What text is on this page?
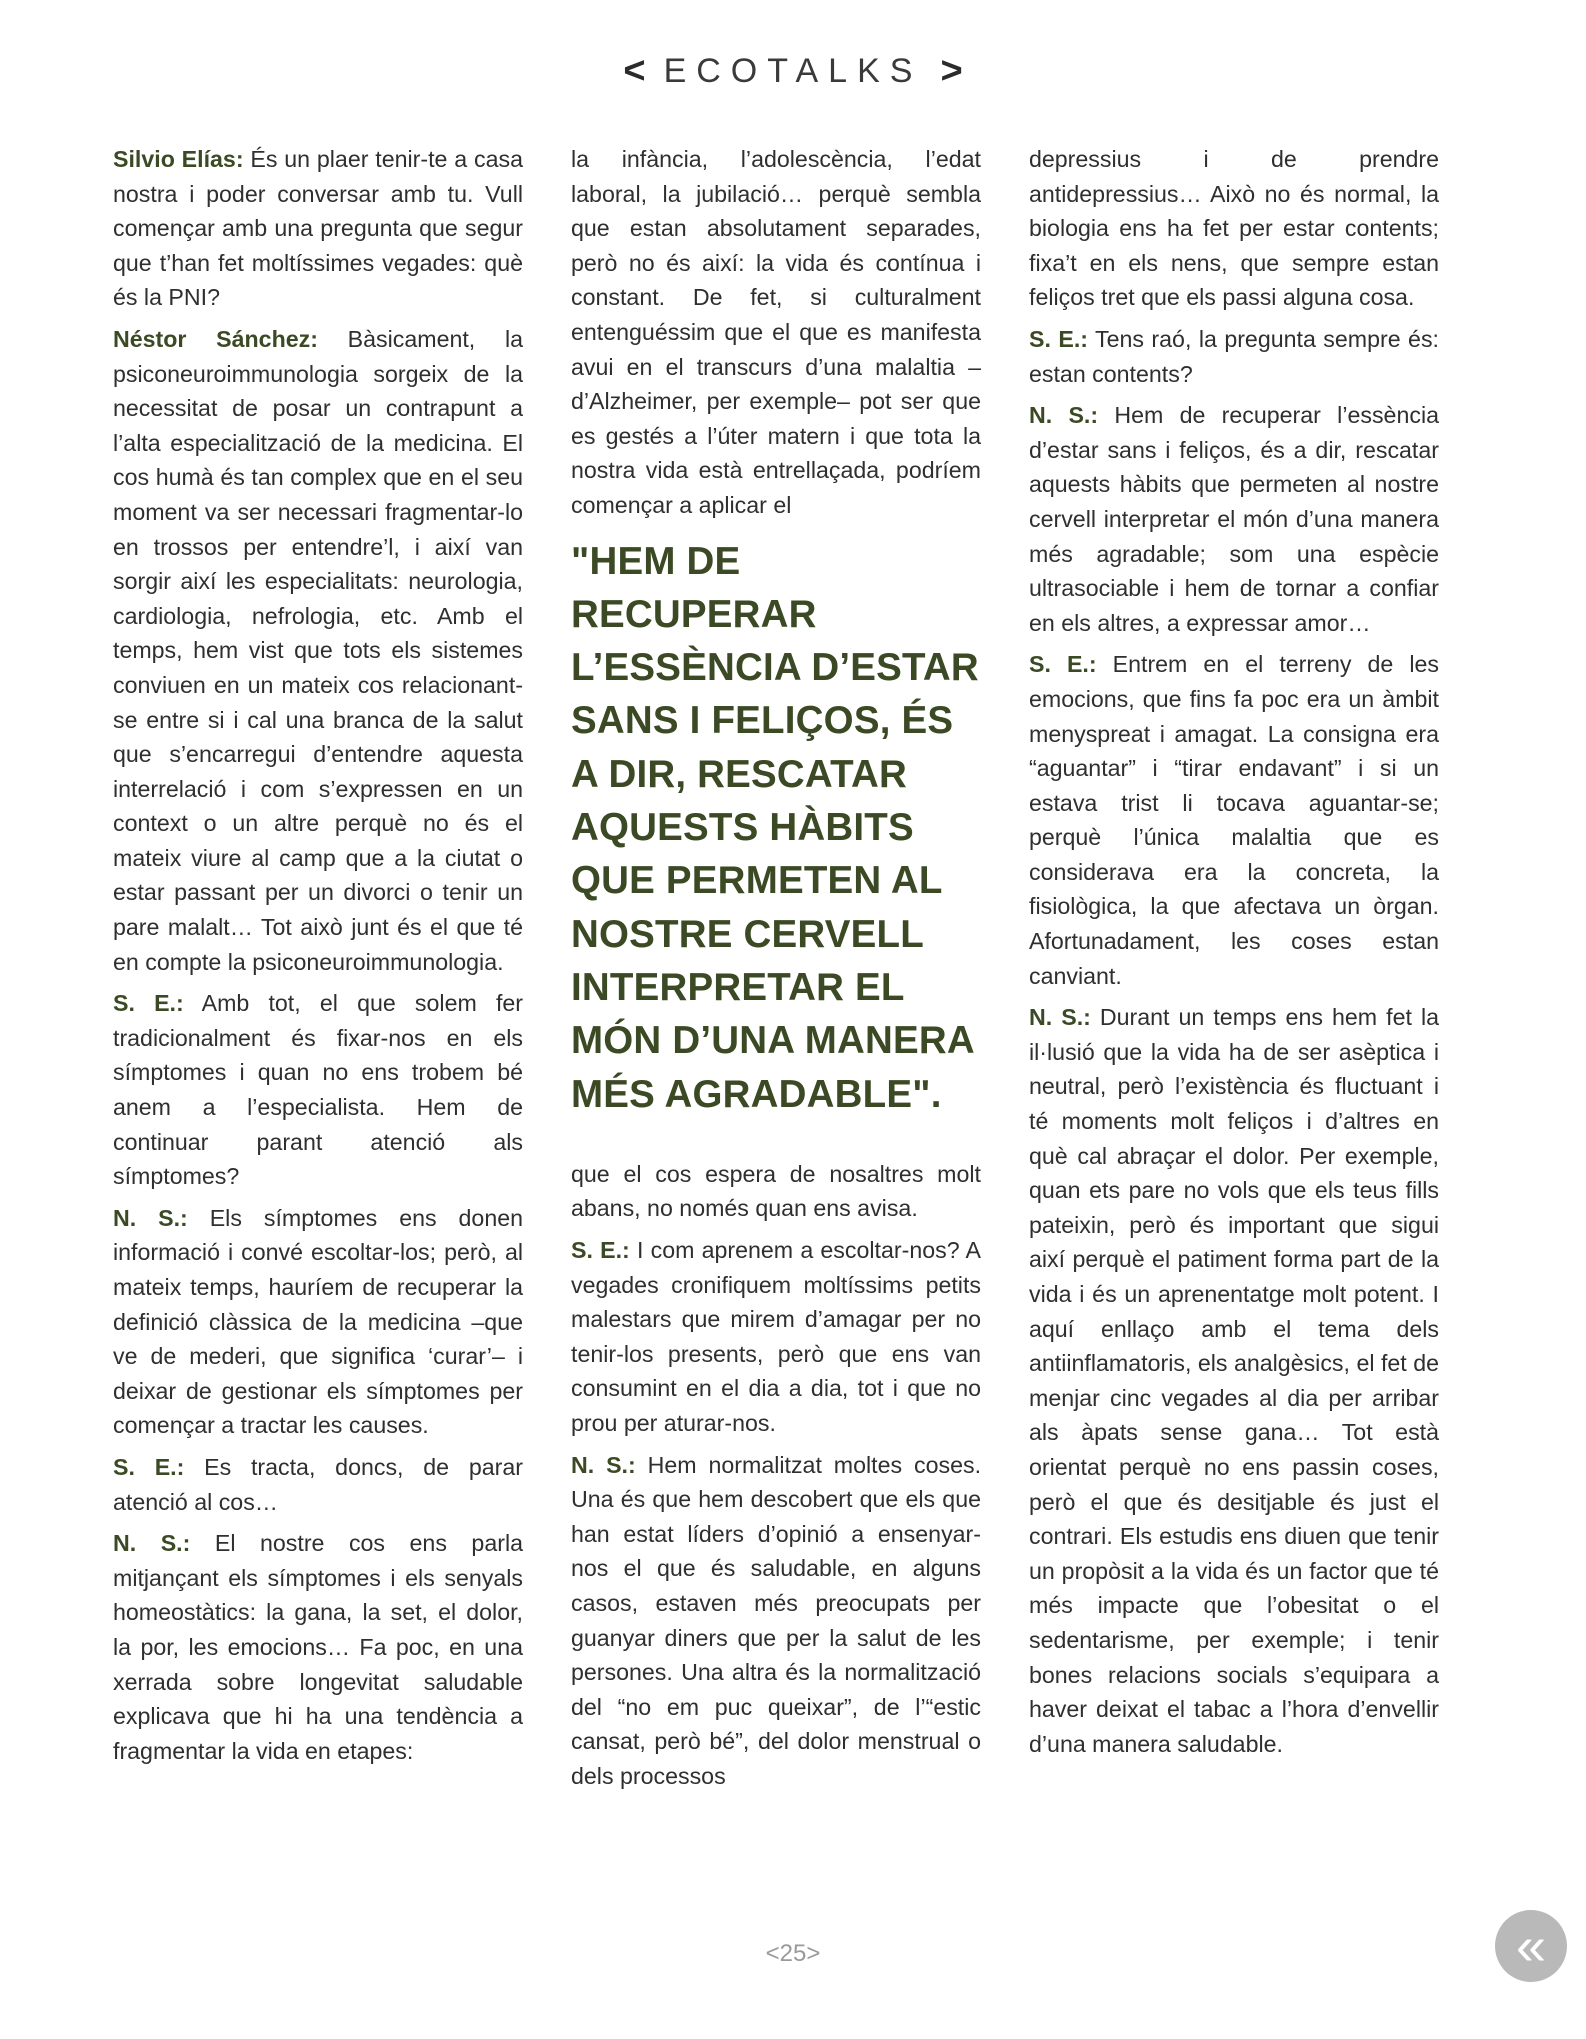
< ECOTALKS >

Silvio Elías: És un plaer tenir-te a casa nostra i poder conversar amb tu. Vull començar amb una pregunta que segur que t’han fet moltíssimes vegades: què és la PNI?

Néstor Sánchez: Bàsicament, la psiconeuroimmunologia sorgeix de la necessitat de posar un contrapunt a l’alta especialització de la medicina. El cos humà és tan complex que en el seu moment va ser necessari fragmentar-lo en trossos per entendre’l, i així van sorgir així les especialitats: neurologia, cardiologia, nefrologia, etc. Amb el temps, hem vist que tots els sistemes conviuen en un mateix cos relacionant-se entre si i cal una branca de la salut que s’encarregui d’entendre aquesta interrelació i com s’expressen en un context o un altre perquè no és el mateix viure al camp que a la ciutat o estar passant per un divorci o tenir un pare malalt… Tot això junt és el que té en compte la psiconeuroimmunologia.

S. E.: Amb tot, el que solem fer tradicionalment és fixar-nos en els símptomes i quan no ens trobem bé anem a l’especialista. Hem de continuar parant atenció als símptomes?

N. S.: Els símptomes ens donen informació i convé escoltar-los; però, al mateix temps, hauríem de recuperar la definició clàssica de la medicina –que ve de mederi, que significa ‘curar’– i deixar de gestionar els símptomes per començar a tractar les causes.

S. E.: Es tracta, doncs, de parar atenció al cos…

N. S.: El nostre cos ens parla mitjançant els símptomes i els senyals homeostàtics: la gana, la set, el dolor, la por, les emocions… Fa poc, en una xerrada sobre longevitat saludable explicava que hi ha una tendència a fragmentar la vida en etapes:

la infància, l’adolescència, l’edat laboral, la jubilació… perquè sembla que estan absolutament separades, però no és així: la vida és contínua i constant. De fet, si culturalment entenguéssim que el que es manifesta avui en el transcurs d’una malaltia –d’Alzheimer, per exemple– pot ser que es gestés a l’úter matern i que tota la nostra vida està entrellaçada, podríem començar a aplicar el

"HEM DE RECUPERAR L’ESSÈNCIA D’ESTAR SANS I FELIÇOS, ÉS A DIR, RESCATAR AQUESTS HÀBITS QUE PERMETEN AL NOSTRE CERVELL INTERPRETAR EL MÓN D’UNA MANERA MÉS AGRADABLE".

que el cos espera de nosaltres molt abans, no només quan ens avisa.

S. E.: I com aprenem a escoltar-nos? A vegades cronifiquem moltíssims petits malestars que mirem d’amagar per no tenir-los presents, però que ens van consumint en el dia a dia, tot i que no prou per aturar-nos.

N. S.: Hem normalitzat moltes coses. Una és que hem descobert que els que han estat líders d’opinió a ensenyar-nos el que és saludable, en alguns casos, estaven més preocupats per guanyar diners que per la salut de les persones. Una altra és la normalització del “no em puc queixar”, de l’“estic cansat, però bé”, del dolor menstrual o dels processos

depressius i de prendre antidepressius… Això no és normal, la biologia ens ha fet per estar contents; fixa’t en els nens, que sempre estan feliços tret que els passi alguna cosa.

S. E.: Tens raó, la pregunta sempre és: estan contents?

N. S.: Hem de recuperar l’essència d’estar sans i feliços, és a dir, rescatar aquests hàbits que permeten al nostre cervell interpretar el món d’una manera més agradable; som una espècie ultrasociable i hem de tornar a confiar en els altres, a expressar amor…

S. E.: Entrem en el terreny de les emocions, que fins fa poc era un àmbit menyspreat i amagat. La consigna era “aguantar” i “tirar endavant” i si un estava trist li tocava aguantar-se; perquè l’única malaltia que es considerava era la concreta, la fisiològica, la que afectava un òrgan. Afortunadament, les coses estan canviant.

N. S.: Durant un temps ens hem fet la il·lusió que la vida ha de ser asèptica i neutral, però l’existència és fluctuant i té moments molt feliços i d’altres en què cal abraçar el dolor. Per exemple, quan ets pare no vols que els teus fills pateixin, però és important que sigui així perquè el patiment forma part de la vida i és un aprenentatge molt potent. I aquí enllaço amb el tema dels antiinflamatoris, els analgèsics, el fet de menjar cinc vegades al dia per arribar als àpats sense gana… Tot està orientat perquè no ens passin coses, però el que és desitjable és just el contrari. Els estudis ens diuen que tenir un propòsit a la vida és un factor que té més impacte que l’obesitat o el sedentarisme, per exemple; i tenir bones relacions socials s’equipara a haver deixat el tabac a l’hora d’envellir d’una manera saludable.

<25>	«
